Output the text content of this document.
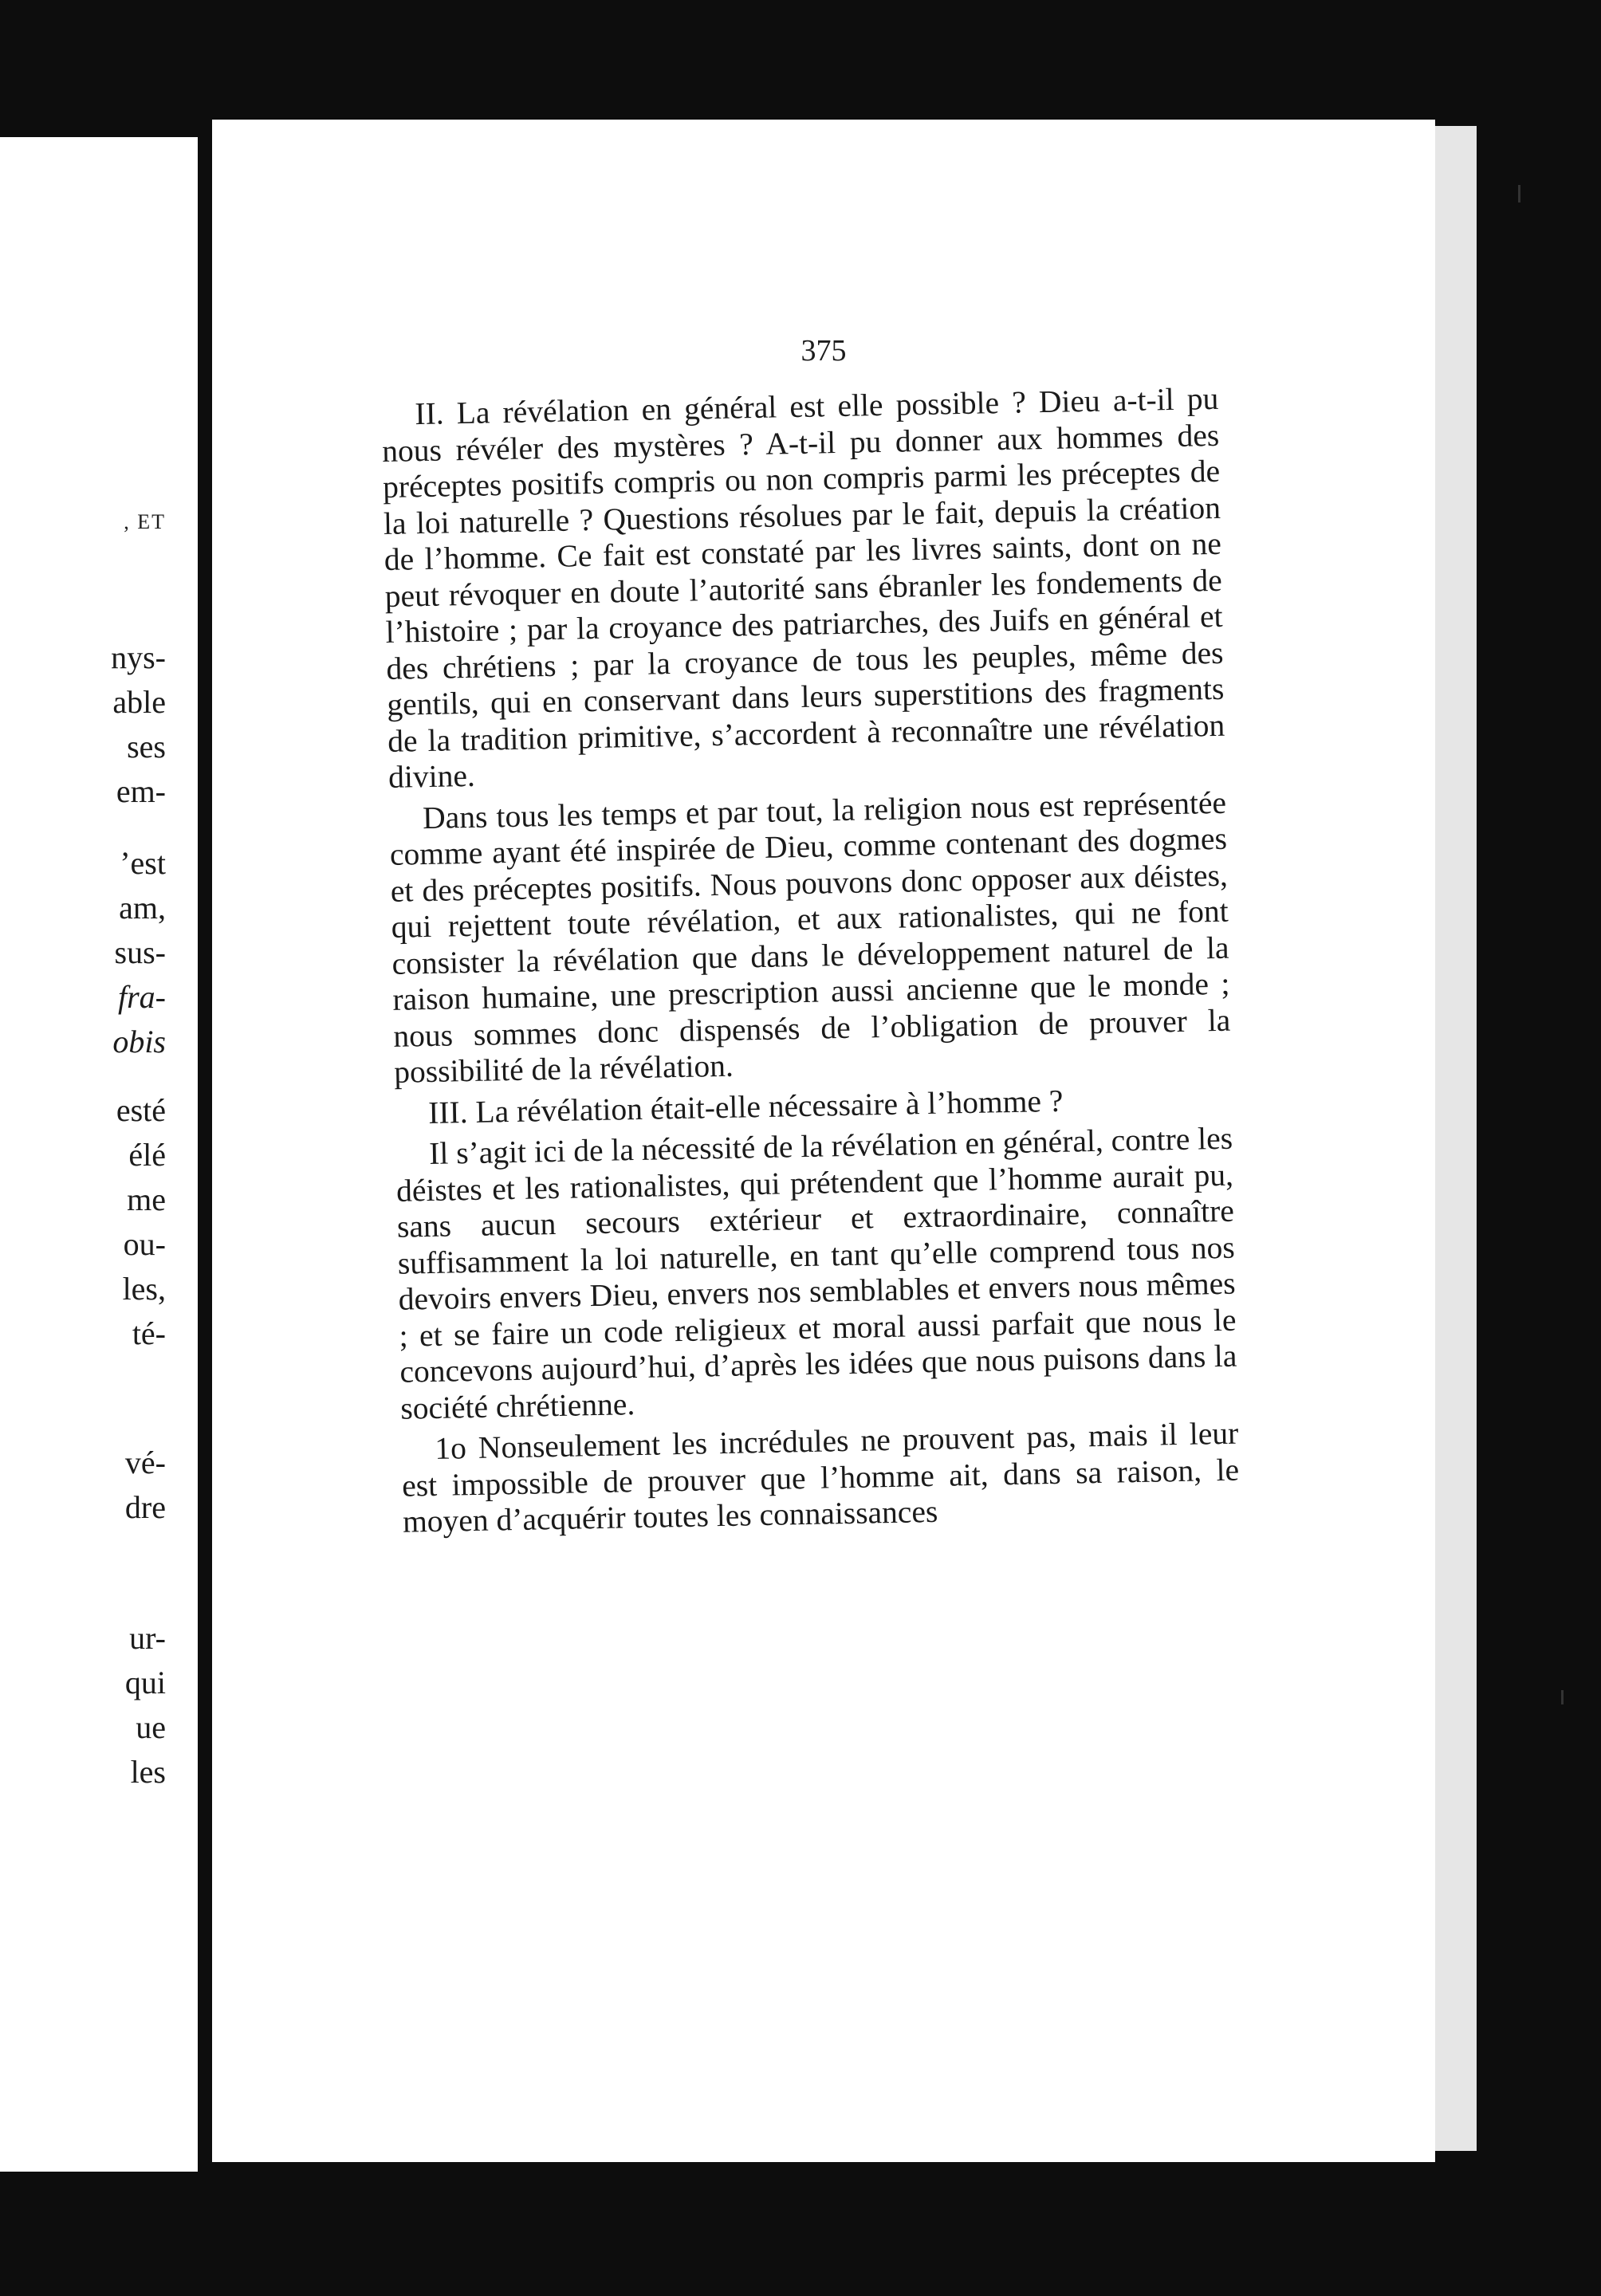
, ET
nys-
able
ses
em-
’est
am,
sus-
fra-
obis
esté
élé
me
ou-
les,
té-
vé-
dre
ur-
qui
ue
les
375

II. La révélation en général est elle possible ? Dieu a-t-il pu nous révéler des mystères ? A-t-il pu donner aux hommes des préceptes positifs compris ou non compris parmi les préceptes de la loi naturelle ? Questions résolues par le fait, depuis la création de l’homme. Ce fait est constaté par les livres saints, dont on ne peut révoquer en doute l’autorité sans ébranler les fondements de l’histoire ; par la croyance des patriarches, des Juifs en général et des chrétiens ; par la croyance de tous les peuples, même des gentils, qui en conservant dans leurs superstitions des fragments de la tradition primitive, s’accordent à reconnaître une révélation divine.

Dans tous les temps et par tout, la religion nous est représentée comme ayant été inspirée de Dieu, comme contenant des dogmes et des préceptes positifs. Nous pouvons donc opposer aux déistes, qui rejettent toute révélation, et aux rationalistes, qui ne font consister la révélation que dans le développement naturel de la raison humaine, une prescription aussi ancienne que le monde ; nous sommes donc dispensés de l’obligation de prouver la possibilité de la révélation.

III. La révélation était-elle nécessaire à l’homme ?

Il s’agit ici de la nécessité de la révélation en général, contre les déistes et les rationalistes, qui prétendent que l’homme aurait pu, sans aucun secours extérieur et extraordinaire, connaître suffisamment la loi naturelle, en tant qu’elle comprend tous nos devoirs envers Dieu, envers nos semblables et envers nous mêmes ; et se faire un code religieux et moral aussi parfait que nous le concevons aujourd’hui, d’après les idées que nous puisons dans la société chrétienne.

1o Nonseulement les incrédules ne prouvent pas, mais il leur est impossible de prouver que l’homme ait, dans sa raison, le moyen d’acquérir toutes les connaissances
